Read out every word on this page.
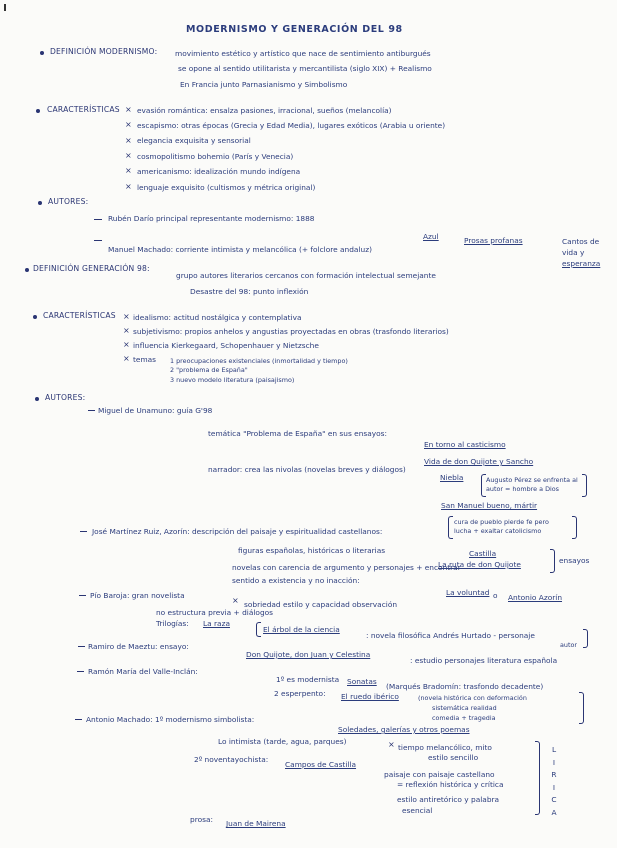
MODERNISMO Y GENERACIÓN DEL 98
DEFINICIÓN MODERNISMO: movimiento estético y artístico que nace de sentimiento antiburgués
se opone al sentido utilitarista y mercantilista (siglo XIX) + Realismo
En Francia junto Parnasianismo y Simbolismo
CARACTERÍSTICAS × evasión romántica: ensalza pasiones, irracional, sueños (melancolía)
× escapismo: otras épocas (Grecia y Edad Media), lugares exóticos (Arabia u oriente)
× elegancia exquisita y sensorial
× cosmopolitismo bohemio (París y Venecia)
× americanismo: idealización mundo indígena
× lenguaje exquisito (cultismos y métrica original)
AUTORES:
Rubén Darío principal representante modernismo: 1888
Azul	Prosas profanas	Cantos de
vida y
esperanza
Manuel Machado: corriente intimista y melancólica (+ folclore andaluz)
DEFINICIÓN GENERACIÓN 98:
grupo autores literarios cercanos con formación intelectual semejante
Desastre del 98: punto inflexión
CARACTERÍSTICAS × idealismo: actitud nostálgica y contemplativa
× subjetivismo: propios anhelos y angustias proyectadas en obras (trasfondo literarios)
× influencia Kierkegaard, Schopenhauer y Nietzsche
× temas 1 preocupaciones existenciales (inmortalidad y tiempo)
2 "problema de España"
3 nuevo modelo literatura (paisajismo)
AUTORES:
Miguel de Unamuno: guía G'98
temática "Problema de España" en sus ensayos:
En torno al casticismo
Vida de don Quijote y Sancho
narrador: crea las nivolas (novelas breves y diálogos)
Niebla	Augusto Pérez se enfrenta al
autor = hombre a Dios
San Manuel bueno, mártir
cura de pueblo pierde fe pero
lucha + exaltar catolicismo
José Martínez Ruiz, Azorín: descripción del paisaje y espiritualidad castellanos:
Castilla
figuras españolas, históricas o literarias
La ruta de don Quijote	ensayos
novelas con carencia de argumento y personajes + encontrar
sentido a existencia y no inacción:
La voluntad o Antonio Azorín
Pío Baroja: gran novelista
× sobriedad estilo y capacidad observación
no estructura previa + diálogos
Trilogías: La raza
El árbol de la ciencia
: novela filosófica Andrés Hurtado - personaje
autor
Ramiro de Maeztu: ensayo:
Don Quijote, don Juan y Celestina
: estudio personajes literatura española
Ramón María del Valle-Inclán:
1º es modernista Sonatas
(Marqués Bradomín: trasfondo decadente)
2 esperpento: El ruedo ibérico	(novela histórica con deformación
sistemática realidad
comedia + tragedia
Antonio Machado: 1º modernismo simbolista:
Soledades, galerías y otros poemas
Lo intimista (tarde, agua, parques)	× tiempo melancólico, mito
estilo sencillo
2º noventayochista:
Campos de Castilla
paisaje con paisaje castellano
= reflexión histórica y crítica
estilo antiretórico y palabra
esencial
L I R I C A
prosa: Juan de Mairena
